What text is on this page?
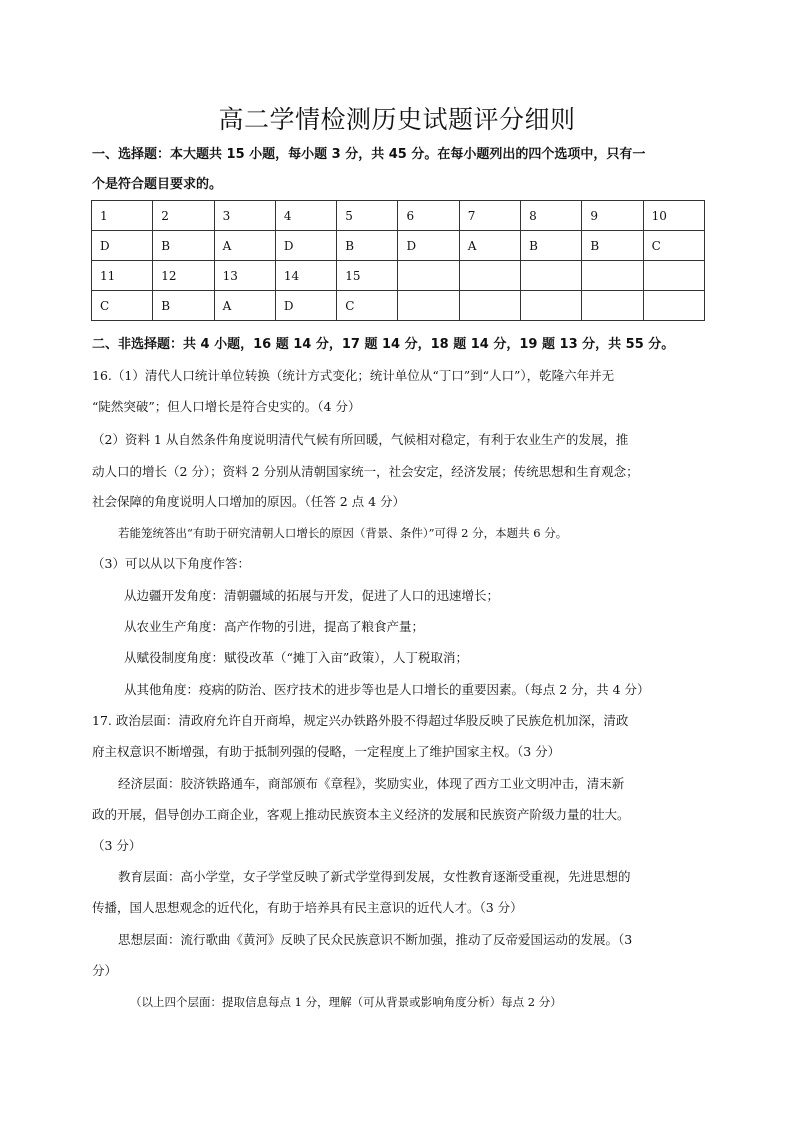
高二学情检测历史试题评分细则
一、选择题：本大题共 15 小题，每小题 3 分，共 45 分。在每小题列出的四个选项中，只有一
个是符合题目要求的。
1	2	3	4	5	6	7	8	9	10
D	B	A	D	B	D	A	B	B	C
11	12	13	14	15					
C	B	A	D	C					
二、非选择题：共 4 小题，16 题 14 分，17 题 14 分，18 题 14 分，19 题 13 分，共 55 分。
16.（1）清代人口统计单位转换（统计方式变化；统计单位从“丁口”到“人口”），乾隆六年并无
“陡然突破”；但人口增长是符合史实的。（4 分）
（2）资料 1 从自然条件角度说明清代气候有所回暖，气候相对稳定，有利于农业生产的发展，推
动人口的增长（2 分）；资料 2 分别从清朝国家统一，社会安定，经济发展；传统思想和生育观念；
社会保障的角度说明人口增加的原因。（任答 2 点 4 分）
若能笼统答出“有助于研究清朝人口增长的原因（背景、条件）”可得 2 分，本题共 6 分。
（3）可以从以下角度作答：
从边疆开发角度：清朝疆域的拓展与开发，促进了人口的迅速增长；
从农业生产角度：高产作物的引进，提高了粮食产量；
从赋役制度角度：赋役改革（“摊丁入亩”政策），人丁税取消；
从其他角度：疫病的防治、医疗技术的进步等也是人口增长的重要因素。（每点 2 分，共 4 分）
17. 政治层面：清政府允许自开商埠，规定兴办铁路外股不得超过华股反映了民族危机加深，清政
府主权意识不断增强，有助于抵制列强的侵略，一定程度上了维护国家主权。（3 分）
经济层面：胶济铁路通车，商部颁布《章程》，奖励实业，体现了西方工业文明冲击，清末新
政的开展，倡导创办工商企业，客观上推动民族资本主义经济的发展和民族资产阶级力量的壮大。
（3 分）
教育层面：高小学堂，女子学堂反映了新式学堂得到发展，女性教育逐渐受重视，先进思想的
传播，国人思想观念的近代化，有助于培养具有民主意识的近代人才。（3 分）
思想层面：流行歌曲《黄河》反映了民众民族意识不断加强，推动了反帝爱国运动的发展。（3
分）
（以上四个层面：提取信息每点 1 分，理解（可从背景或影响角度分析）每点 2 分）
